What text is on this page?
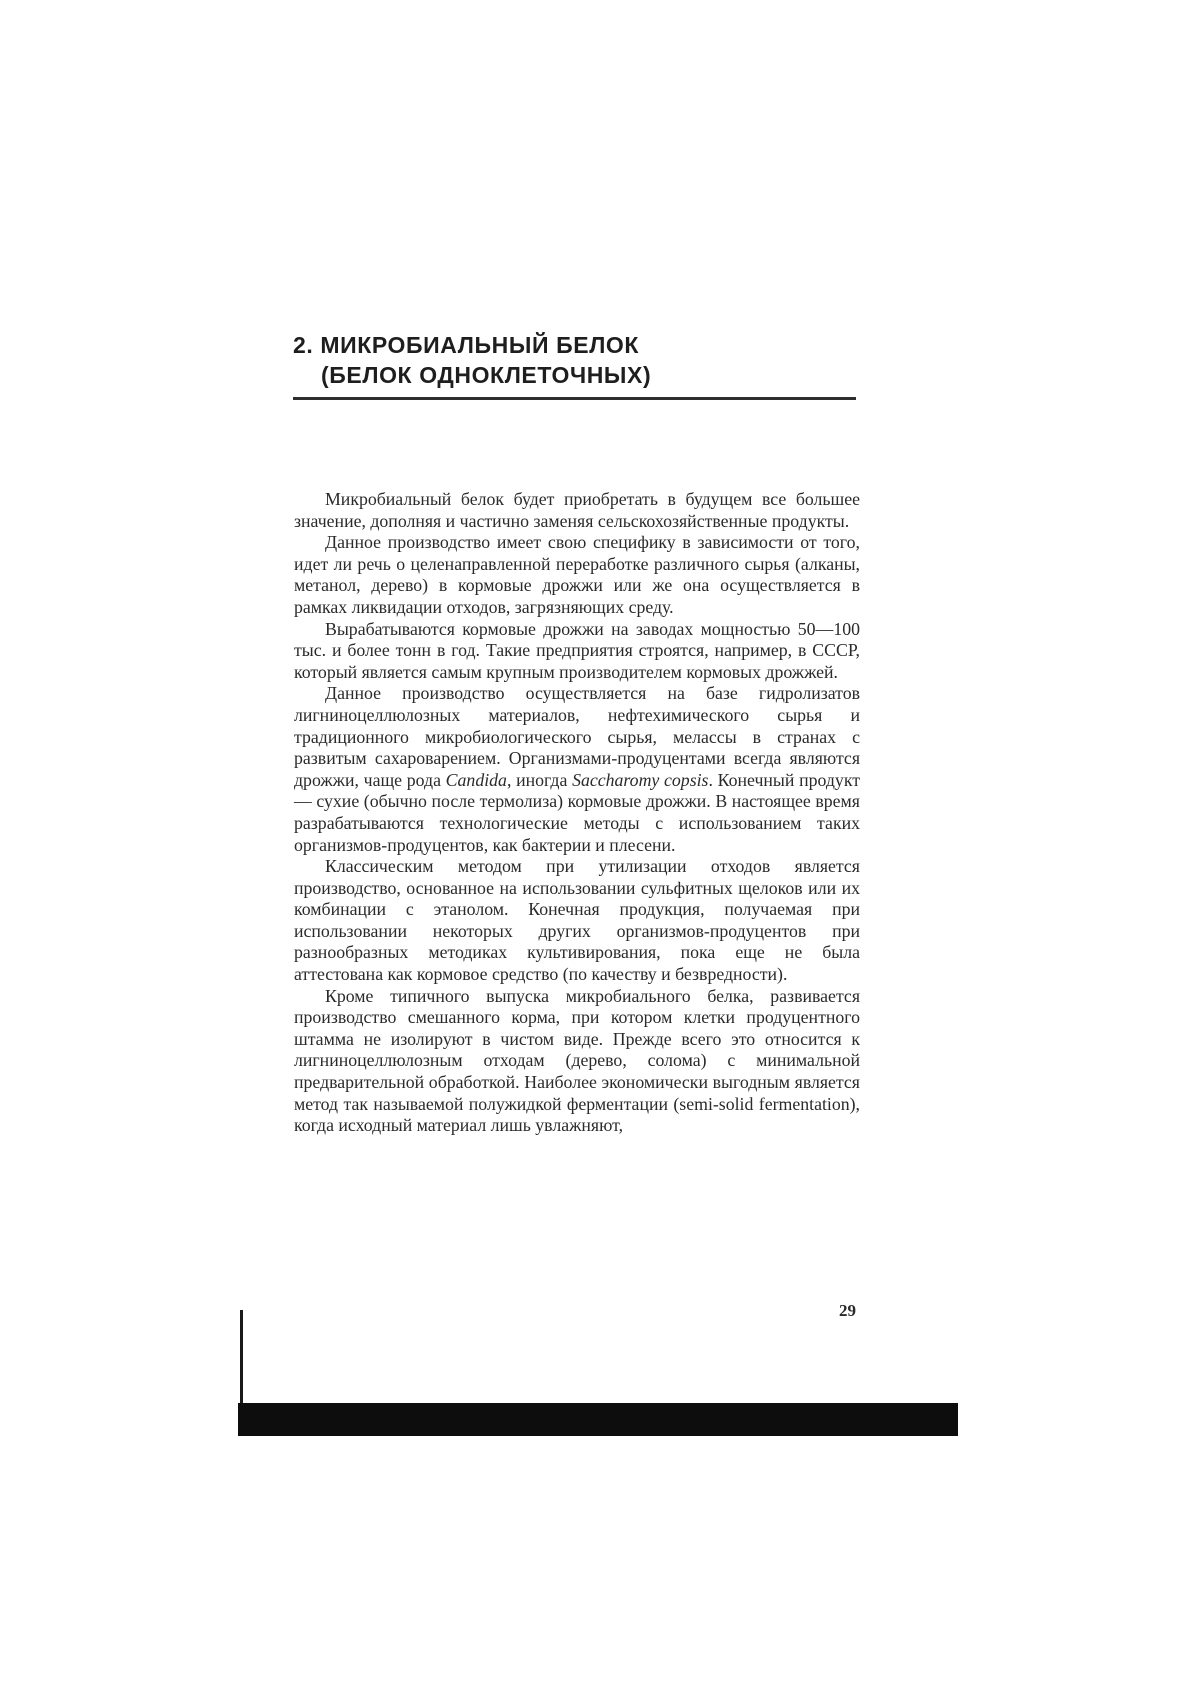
2. МИКРОБИАЛЬНЫЙ БЕЛОК
(БЕЛОК ОДНОКЛЕТОЧНЫХ)

Микробиальный белок будет приобретать в будущем все большее значение, дополняя и частично заменяя сельскохозяйственные продукты.

Данное производство имеет свою специфику в зависимости от того, идет ли речь о целенаправленной переработке различного сырья (алканы, метанол, дерево) в кормовые дрожжи или же она осуществляется в рамках ликвидации отходов, загрязняющих среду.

Вырабатываются кормовые дрожжи на заводах мощностью 50—100 тыс. и более тонн в год. Такие предприятия строятся, например, в СССР, который является самым крупным производителем кормовых дрожжей.

Данное производство осуществляется на базе гидролизатов лигниноцеллюлозных материалов, нефтехимического сырья и традиционного микробиологического сырья, мелассы в странах с развитым сахароварением. Организмами-продуцентами всегда являются дрожжи, чаще рода Candida, иногда Saccharomy copsis. Конечный продукт — сухие (обычно после термолиза) кормовые дрожжи. В настоящее время разрабатываются технологические методы с использованием таких организмов-продуцентов, как бактерии и плесени.

Классическим методом при утилизации отходов является производство, основанное на использовании сульфитных щелоков или их комбинации с этанолом. Конечная продукция, получаемая при использовании некоторых других организмов-продуцентов при разнообразных методиках культивирования, пока еще не была аттестована как кормовое средство (по качеству и безвредности).

Кроме типичного выпуска микробиального белка, развивается производство смешанного корма, при котором клетки продуцентного штамма не изолируют в чистом виде. Прежде всего это относится к лигниноцеллюлозным отходам (дерево, солома) с минимальной предварительной обработкой. Наиболее экономически выгодным является метод так называемой полужидкой ферментации (semi-solid fermentation), когда исходный материал лишь увлажняют,

29
